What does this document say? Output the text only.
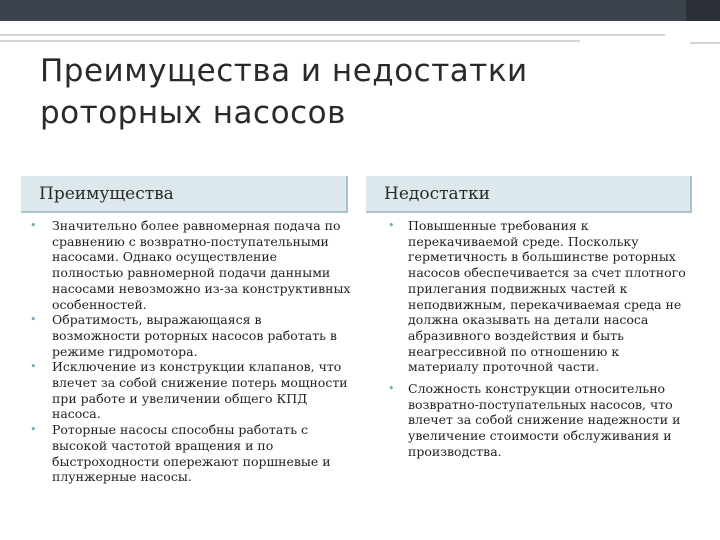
Преимущества и недостатки
роторных насосов
Преимущества	Недостатки
• Значительно более равномерная подача по сравнению с возвратно-поступательными насосами. Однако осуществление полностью равномерной подачи данными насосами невозможно из-за конструктивных особенностей.
• Обратимость, выражающаяся в возможности роторных насосов работать в режиме гидромотора.
• Исключение из конструкции клапанов, что влечет за собой снижение потерь мощности при работе и увеличении общего КПД насоса.
• Роторные насосы способны работать с высокой частотой вращения и по быстроходности опережают поршневые и плунжерные насосы.
• Повышенные требования к перекачиваемой среде. Поскольку герметичность в большинстве роторных насосов обеспечивается за счет плотного прилегания подвижных частей к неподвижным, перекачиваемая среда не должна оказывать на детали насоса абразивного воздействия и быть неагрессивной по отношению к материалу проточной части.
• Сложность конструкции относительно возвратно-поступательных насосов, что влечет за собой снижение надежности и увеличение стоимости обслуживания и производства.
